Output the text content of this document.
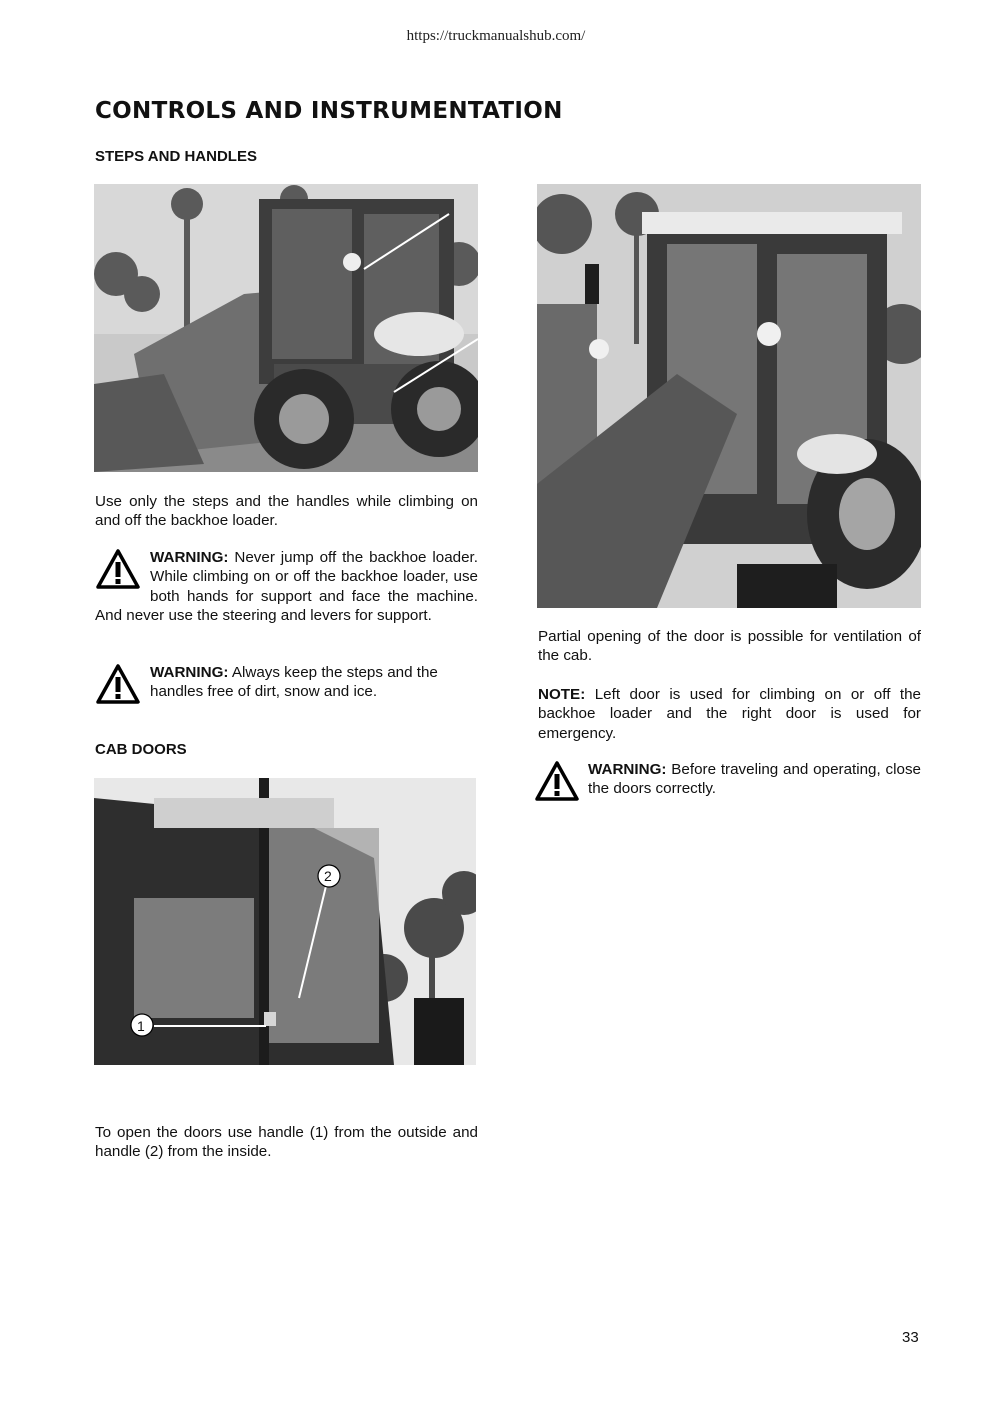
https://truckmanualshub.com/
CONTROLS AND INSTRUMENTATION
STEPS AND HANDLES

Use only the steps and the handles while climbing on and off the backhoe loader.

WARNING: Never jump off the backhoe loader. While climbing on or off the backhoe loader, use both hands for support and face the machine. And never use the steering and levers for support.
WARNING: Always keep the steps and the handles free of dirt, snow and ice.
CAB DOORS
1
2

To open the doors use handle (1) from the outside and handle (2) from the inside.

Partial opening of the door is possible for ventilation of the cab.

NOTE: Left door is used for climbing on or off the backhoe loader and the right door is used for emergency.

WARNING: Before traveling and operating, close the doors correctly.
33
